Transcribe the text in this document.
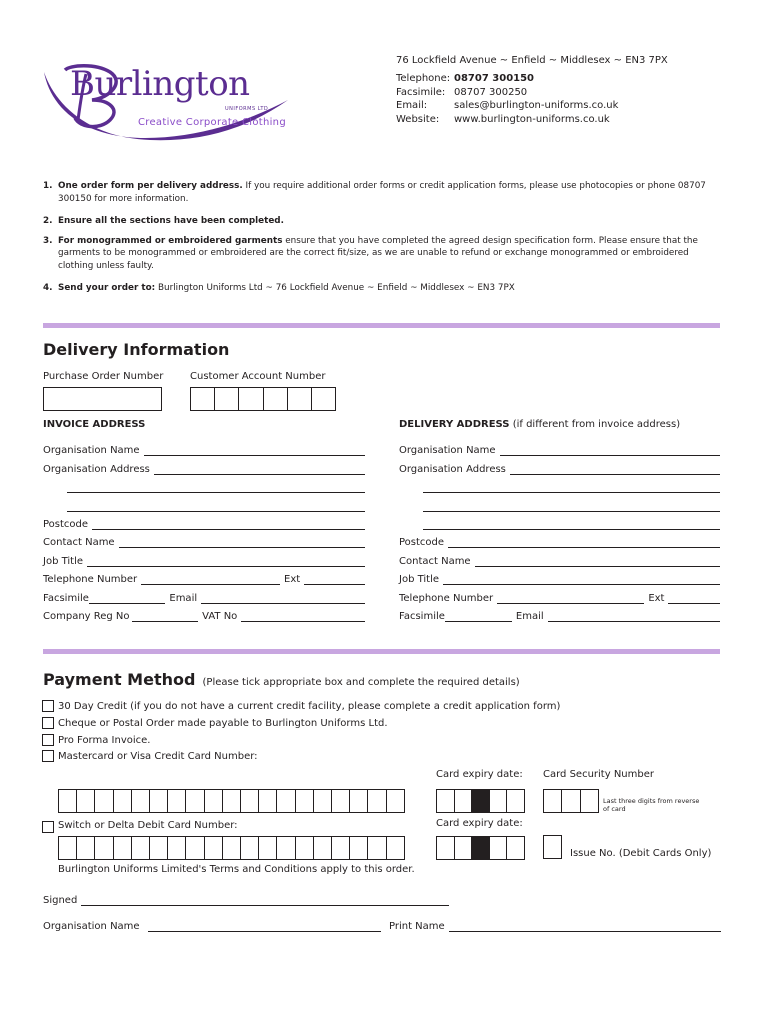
Burlington
UNIFORMS LTD
Creative Corporate Clothing
76 Lockfield Avenue ~ Enfield ~ Middlesex ~ EN3 7PX
Telephone: 08707 300150
Facsimile: 08707 300250
Email:	sales@burlington-uniforms.co.uk
Website: www.burlington-uniforms.co.uk
1. One order form per delivery address. If you require additional order forms or credit application forms, please use photocopies or phone 08707 300150 for more information.
2. Ensure all the sections have been completed.
3. For monogrammed or embroidered garments ensure that you have completed the agreed design specification form. Please ensure that the garments to be monogrammed or embroidered are the correct fit/size, as we are unable to refund or exchange monogrammed or embroidered clothing unless faulty.
4. Send your order to: Burlington Uniforms Ltd ~ 76 Lockfield Avenue ~ Enfield ~ Middlesex ~ EN3 7PX
Delivery Information
Purchase Order Number	Customer Account Number
INVOICE ADDRESS	DELIVERY ADDRESS (if different from invoice address)
Organisation Name
Organisation Address
Postcode
Contact Name
Job Title
Telephone Number	Ext
Facsimile	Email
Company Reg No	VAT No
Organisation Name
Organisation Address
Postcode
Contact Name
Job Title
Telephone Number	Ext
Facsimile	Email
Payment Method (Please tick appropriate box and complete the required details)
30 Day Credit (if you do not have a current credit facility, please complete a credit application form)
Cheque or Postal Order made payable to Burlington Uniforms Ltd.
Pro Forma Invoice.
Mastercard or Visa Credit Card Number:
Card expiry date: Card Security Number
Last three digits from reverse of card
Switch or Delta Debit Card Number:	Card expiry date:
Issue No. (Debit Cards Only)
Burlington Uniforms Limited's Terms and Conditions apply to this order.
Signed
Organisation Name	Print Name
